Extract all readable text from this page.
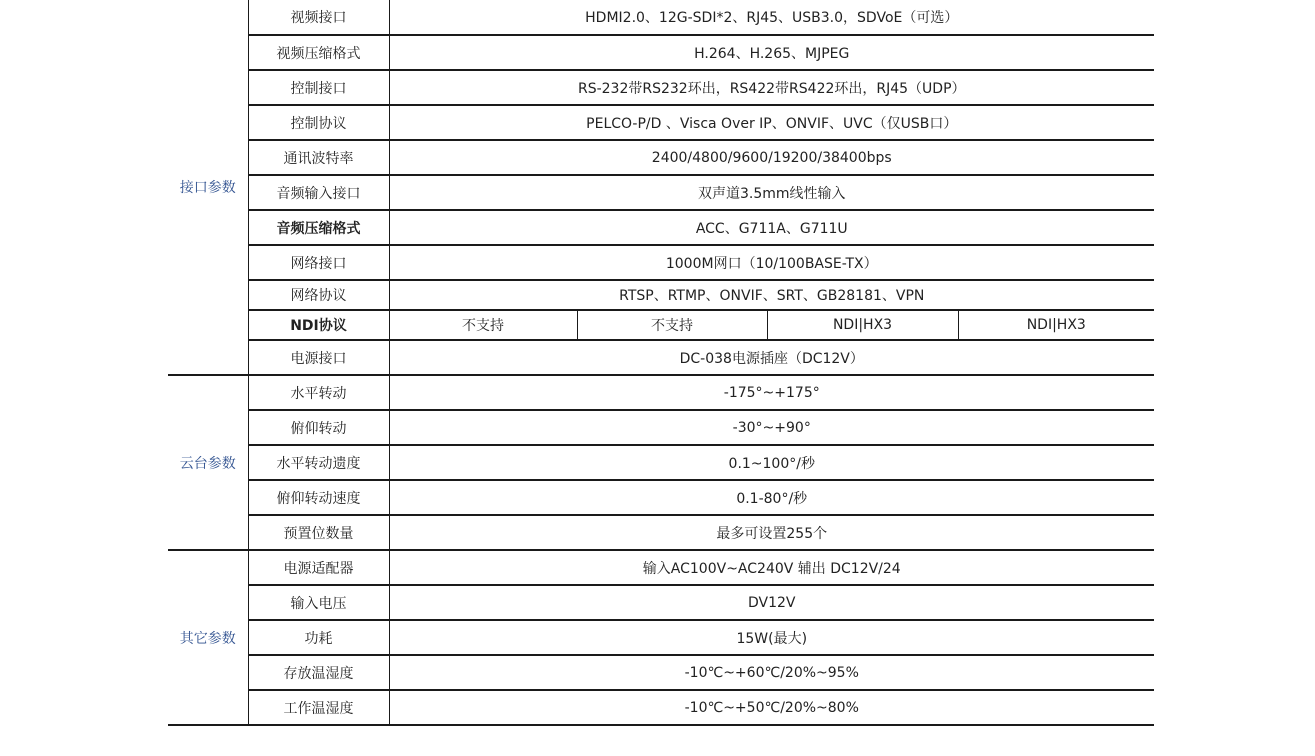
接口参数	视频接口	HDMI2.0、12G-SDI*2、RJ45、USB3.0，SDVoE（可选）			
	视频压缩格式	H.264、H.265、MJPEG			
	控制接口	RS-232带RS232环出，RS422带RS422环出，RJ45（UDP）			
	控制协议	PELCO-P/D 、Visca Over IP、ONVIF、UVC（仅USB口）			
	通讯波特率	2400/4800/9600/19200/38400bps			
	音频输入接口	双声道3.5mm线性输入			
	音频压缩格式	ACC、G711A、G711U			
	网络接口	1000M网口（10/100BASE-TX）			
	网络协议	RTSP、RTMP、ONVIF、SRT、GB28181、VPN			
	NDI协议	不支持	不支持	NDI|HX3	NDI|HX3
	电源接口	DC-038电源插座（DC12V）			
云台参数	水平转动	-175°~+175°			
	俯仰转动	-30°~+90°			
	水平转动遗度	0.1~100°/秒			
	俯仰转动速度	0.1-80°/秒			
	预置位数量	最多可设置255个			
其它参数	电源适配器	输入AC100V~AC240V 辅出 DC12V/24			
	输入电压	DV12V			
	功耗	15W(最大)			
	存放温湿度	-10℃~+60℃/20%~95%			
	工作温湿度	-10℃~+50℃/20%~80%			
